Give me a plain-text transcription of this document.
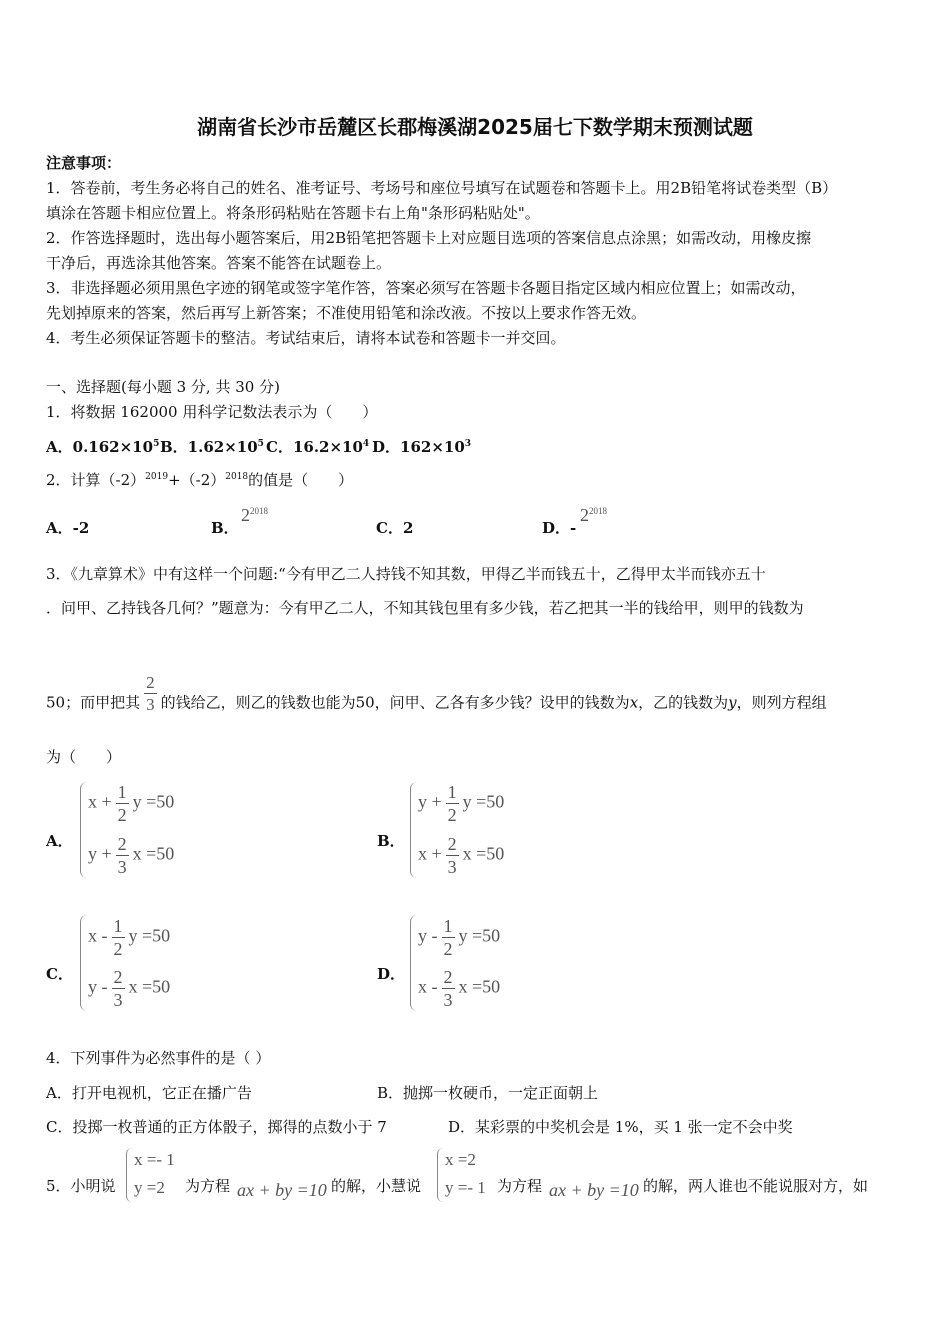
湖南省长沙市岳麓区长郡梅溪湖2025届七下数学期末预测试题
注意事项：
1．答卷前，考生务必将自己的姓名、准考证号、考场号和座位号填写在试题卷和答题卡上。用2B铅笔将试卷类型（B）
填涂在答题卡相应位置上。将条形码粘贴在答题卡右上角"条形码粘贴处"。
2．作答选择题时，选出每小题答案后，用2B铅笔把答题卡上对应题目选项的答案信息点涂黑；如需改动，用橡皮擦
干净后，再选涂其他答案。答案不能答在试题卷上。
3．非选择题必须用黑色字迹的钢笔或签字笔作答，答案必须写在答题卡各题目指定区域内相应位置上；如需改动，
先划掉原来的答案，然后再写上新答案；不准使用铅笔和涂改液。不按以上要求作答无效。
4．考生必须保证答题卡的整洁。考试结束后，请将本试卷和答题卡一并交回。
一、选择题(每小题 3 分, 共 30 分)
1．将数据 162000 用科学记数法表示为（　　）
A．$0.162\times 10^5$ B．$1.62\times 10^5$ C．$16.2\times 10^4$ D．$162\times 10^3$
2．计算$(-2)^{2019}+(-2)^{2018}$的值是（　　）
A．-2	B．
$2^{2018}$
C．2	D．-
$2^{2018}$
3．《九章算术》中有这样一个问题:“今有甲乙二人持钱不知其数，甲得乙半而钱五十，乙得甲太半而钱亦五十
．问甲、乙持钱各几何？”题意为：今有甲乙二人，不知其钱包里有多少钱，若乙把其一半的钱给甲，则甲的钱数为
50；而甲把其 $\frac{2}{3}$ 的钱给乙，则乙的钱数也能为50，问甲、乙各有多少钱？设甲的钱数为x，乙的钱数为y，则列方程组
为（　　）
A．
$x + \frac{1}{2}$ y =50
$y + \frac{2}{3}$ x =50
B．
$y + \frac{1}{2}$ y =50
$x + \frac{2}{3}$ x =50
C．
x - $\frac{1}{2}$ y =50
y - $\frac{2}{3}$ x =50
D．
y - $\frac{1}{2}$ y =50
x - $\frac{2}{3}$ x =50
4．下列事件为必然事件的是（ ）
A．打开电视机，它正在播广告	B．抛掷一枚硬币，一定正面朝上
C．投掷一枚普通的正方体骰子，掷得的点数小于 7	D．某彩票的中奖机会是 1%，买 1 张一定不会中奖
5．小明说
x =- 1
y =2 为方程 ax + by =10 的解，小慧说
x =2
y =- 1 为方程 ax + by =10 的解，两人谁也不能说服对方，如
